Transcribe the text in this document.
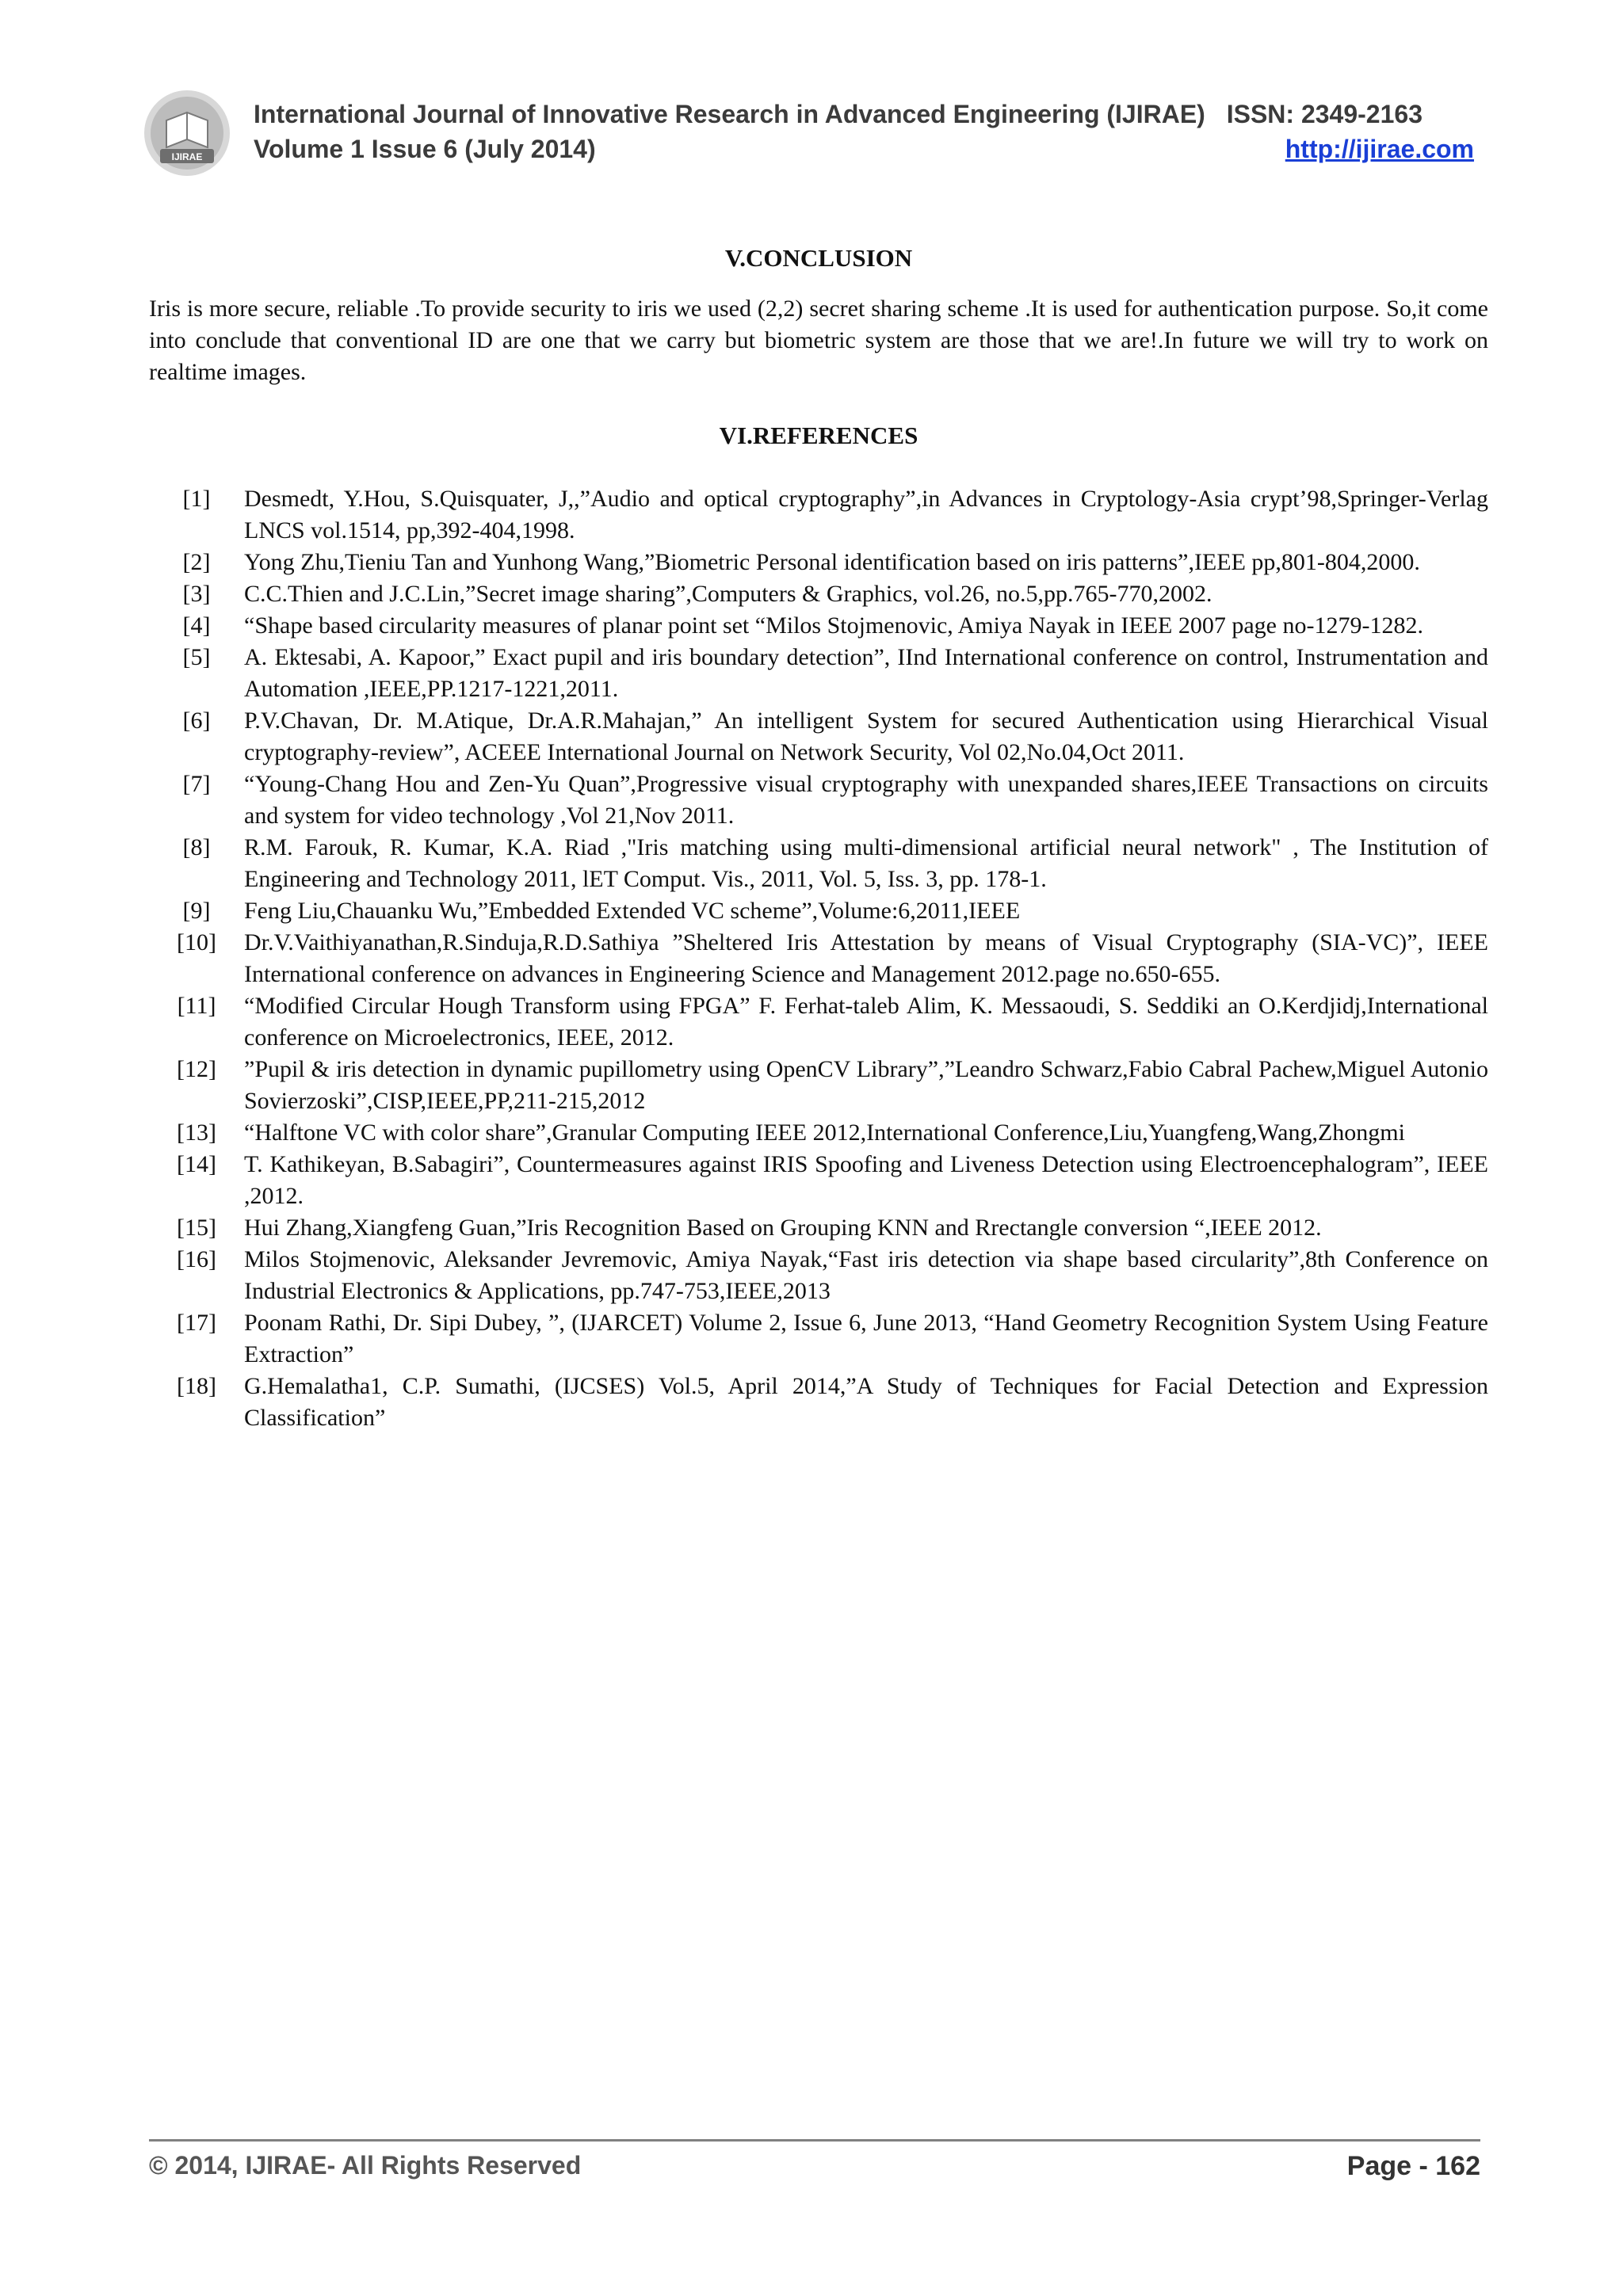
IJIRAE
International Journal of Innovative Research in Advanced Engineering (IJIRAE) ISSN: 2349-2163
Volume 1 Issue 6 (July 2014)	http://ijirae.com
V.CONCLUSION

Iris is more secure, reliable .To provide security to iris we used (2,2) secret sharing scheme .It is used for authentication purpose. So,it come into conclude that conventional ID are one that we carry but biometric system are those that we are!.In future we will try to work on realtime images.

VI.REFERENCES
[1]	Desmedt, Y.Hou, S.Quisquater, J,,”Audio and optical cryptography”,in Advances in Cryptology-Asia crypt’98,Springer-Verlag LNCS vol.1514, pp,392-404,1998.
[2]	Yong Zhu,Tieniu Tan and Yunhong Wang,”Biometric Personal identification based on iris patterns”,IEEE pp,801-804,2000.
[3]	C.C.Thien and J.C.Lin,”Secret image sharing”,Computers & Graphics, vol.26, no.5,pp.765-770,2002.
[4]	“Shape based circularity measures of planar point set “Milos Stojmenovic, Amiya Nayak in IEEE 2007 page no-1279-1282.
[5]	A. Ektesabi, A. Kapoor,” Exact pupil and iris boundary detection”, IInd International conference on control, Instrumentation and Automation ,IEEE,PP.1217-1221,2011.
[6]	P.V.Chavan, Dr. M.Atique, Dr.A.R.Mahajan,” An intelligent System for secured Authentication using Hierarchical Visual cryptography-review”, ACEEE International Journal on Network Security, Vol 02,No.04,Oct 2011.
[7]	“Young-Chang Hou and Zen-Yu Quan”,Progressive visual cryptography with unexpanded shares,IEEE Transactions on circuits and system for video technology ,Vol 21,Nov 2011.
[8]	R.M. Farouk, R. Kumar, K.A. Riad ,"Iris matching using multi-dimensional artificial neural network" , The Institution of Engineering and Technology 2011, lET Comput. Vis., 2011, Vol. 5, Iss. 3, pp. 178-1.
[9]	Feng Liu,Chauanku Wu,”Embedded Extended VC scheme”,Volume:6,2011,IEEE
[10]	Dr.V.Vaithiyanathan,R.Sinduja,R.D.Sathiya ”Sheltered Iris Attestation by means of Visual Cryptography (SIA-VC)”, IEEE International conference on advances in Engineering Science and Management 2012.page no.650-655.
[11]	“Modified Circular Hough Transform using FPGA” F. Ferhat-taleb Alim, K. Messaoudi, S. Seddiki an O.Kerdjidj,International conference on Microelectronics, IEEE, 2012.
[12]	”Pupil & iris detection in dynamic pupillometry using OpenCV Library”,”Leandro Schwarz,Fabio Cabral Pachew,Miguel Autonio Sovierzoski”,CISP,IEEE,PP,211-215,2012
[13]	“Halftone VC with color share”,Granular Computing IEEE 2012,International Conference,Liu,Yuangfeng,Wang,Zhongmi
[14]	T. Kathikeyan, B.Sabagiri”, Countermeasures against IRIS Spoofing and Liveness Detection using Electroencephalogram”, IEEE ,2012.
[15]	Hui Zhang,Xiangfeng Guan,”Iris Recognition Based on Grouping KNN and Rrectangle conversion “,IEEE 2012.
[16]	Milos Stojmenovic, Aleksander Jevremovic, Amiya Nayak,“Fast iris detection via shape based circularity”,8th Conference on Industrial Electronics & Applications, pp.747-753,IEEE,2013
[17]	Poonam Rathi, Dr. Sipi Dubey, ”, (IJARCET) Volume 2, Issue 6, June 2013, “Hand Geometry Recognition System Using Feature Extraction”
[18]	G.Hemalatha1, C.P. Sumathi, (IJCSES) Vol.5, April 2014,”A Study of Techniques for Facial Detection and Expression Classification”
© 2014, IJIRAE- All Rights Reserved	Page - 162
